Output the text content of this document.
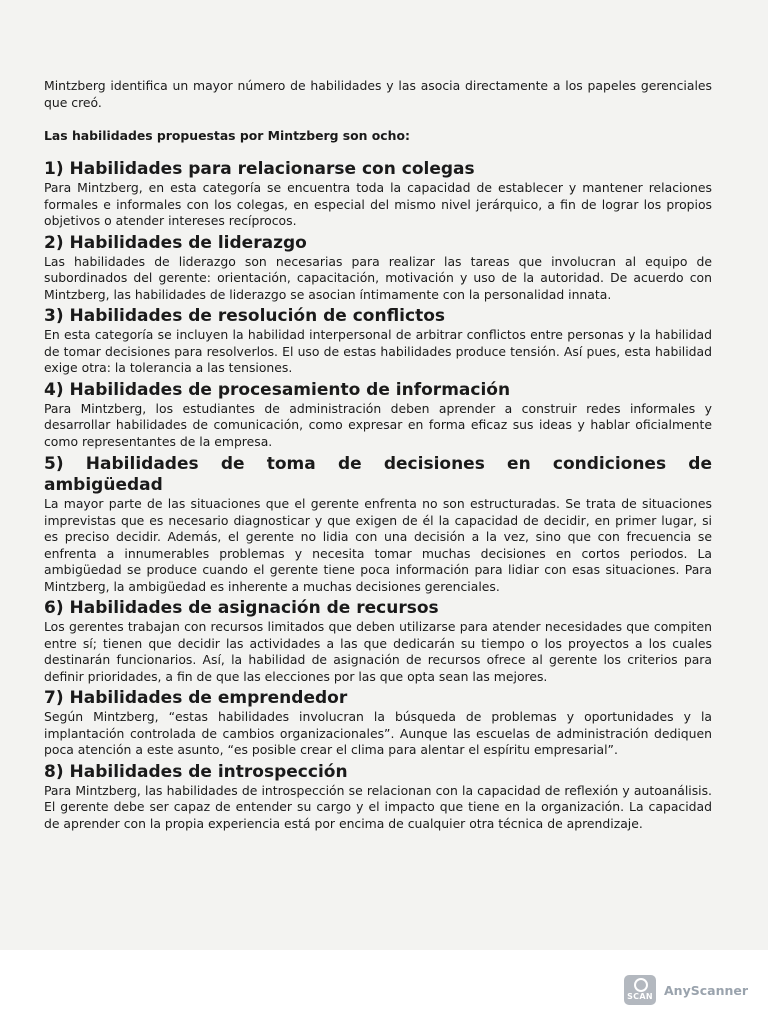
Mintzberg identifica un mayor número de habilidades y las asocia directamente a los papeles gerenciales que creó.

Las habilidades propuestas por Mintzberg son ocho:

1) Habilidades para relacionarse con colegas

Para Mintzberg, en esta categoría se encuentra toda la capacidad de establecer y mantener relaciones formales e informales con los colegas, en especial del mismo nivel jerárquico, a fin de lograr los propios objetivos o atender intereses recíprocos.

2) Habilidades de liderazgo

Las habilidades de liderazgo son necesarias para realizar las tareas que involucran al equipo de subordinados del gerente: orientación, capacitación, motivación y uso de la autoridad. De acuerdo con Mintzberg, las habilidades de liderazgo se asocian íntimamente con la personalidad innata.

3) Habilidades de resolución de conflictos

En esta categoría se incluyen la habilidad interpersonal de arbitrar conflictos entre personas y la habilidad de tomar decisiones para resolverlos. El uso de estas habilidades produce tensión. Así pues, esta habilidad exige otra: la tolerancia a las tensiones.

4) Habilidades de procesamiento de información

Para Mintzberg, los estudiantes de administración deben aprender a construir redes informales y desarrollar habilidades de comunicación, como expresar en forma eficaz sus ideas y hablar oficialmente como representantes de la empresa.

5) Habilidades de toma de decisiones en condiciones de
ambigüedad

La mayor parte de las situaciones que el gerente enfrenta no son estructuradas. Se trata de situaciones imprevistas que es necesario diagnosticar y que exigen de él la capacidad de decidir, en primer lugar, si es preciso decidir. Además, el gerente no lidia con una decisión a la vez, sino que con frecuencia se enfrenta a innumerables problemas y necesita tomar muchas decisiones en cortos periodos. La ambigüedad se produce cuando el gerente tiene poca información para lidiar con esas situaciones. Para Mintzberg, la ambigüedad es inherente a muchas decisiones gerenciales.

6) Habilidades de asignación de recursos

Los gerentes trabajan con recursos limitados que deben utilizarse para atender necesidades que compiten entre sí; tienen que decidir las actividades a las que dedicarán su tiempo o los proyectos a los cuales destinarán funcionarios. Así, la habilidad de asignación de recursos ofrece al gerente los criterios para definir prioridades, a fin de que las elecciones por las que opta sean las mejores.

7) Habilidades de emprendedor

Según Mintzberg, “estas habilidades involucran la búsqueda de problemas y oportunidades y la implantación controlada de cambios organizacionales”. Aunque las escuelas de administración dediquen poca atención a este asunto, “es posible crear el clima para alentar el espíritu empresarial”.

8) Habilidades de introspección

Para Mintzberg, las habilidades de introspección se relacionan con la capacidad de reflexión y autoanálisis. El gerente debe ser capaz de entender su cargo y el impacto que tiene en la organización. La capacidad de aprender con la propia experiencia está por encima de cualquier otra técnica de aprendizaje.

SCAN AnyScanner
